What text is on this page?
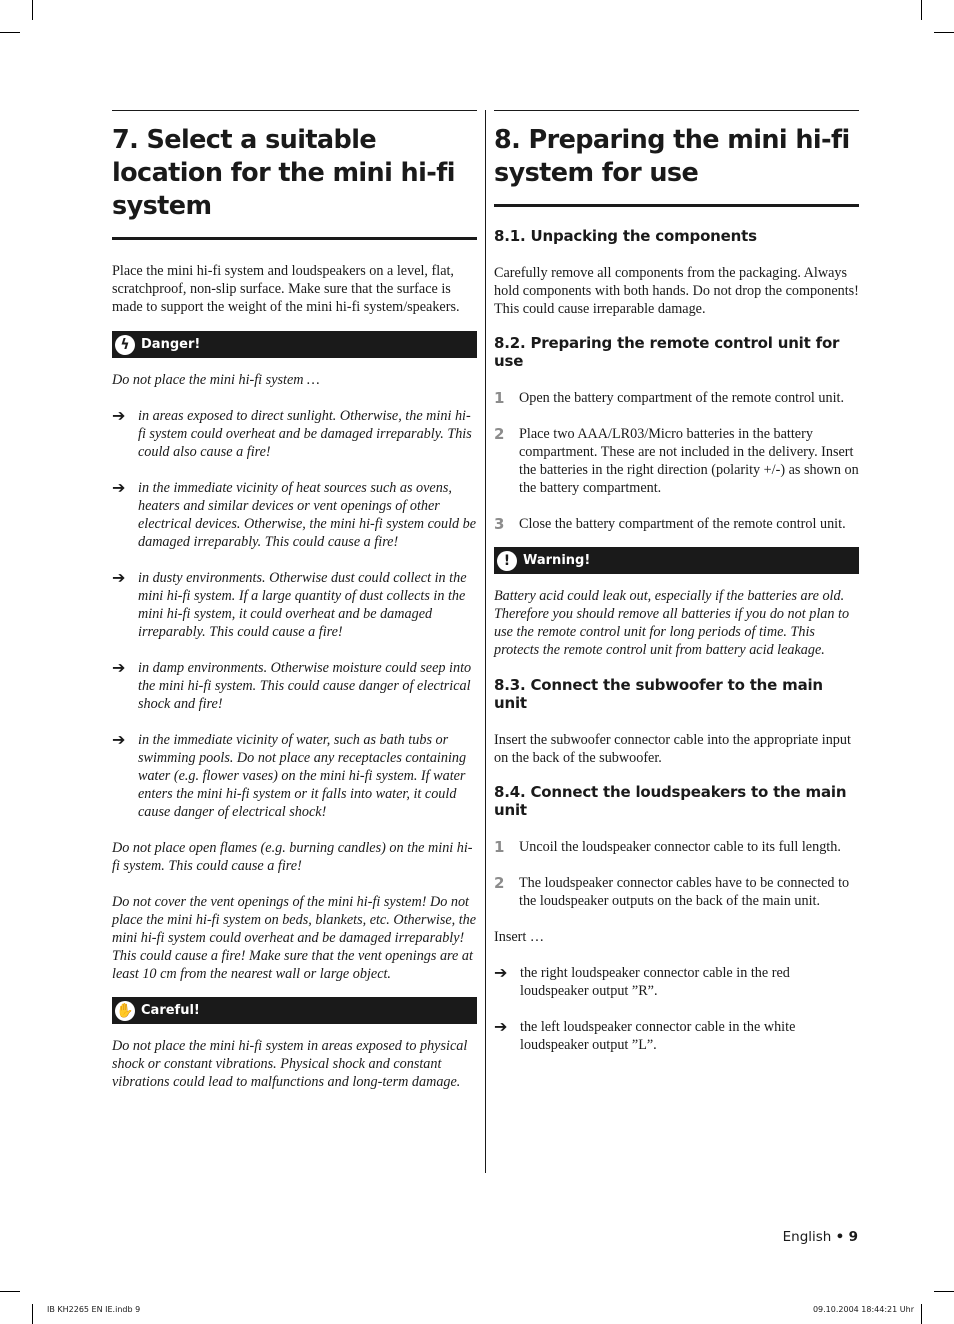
7. Select a suitable location for the mini hi-fi system

Place the mini hi-fi system and loudspeakers on a level, flat, scratchproof, non-slip surface. Make sure that the surface is made to support the weight of the mini hi-fi system/speakers.

ϟ Danger!

Do not place the mini hi-fi system …

➔ in areas exposed to direct sunlight. Otherwise, the mini hi-fi system could overheat and be damaged irreparably. This could also cause a fire!
➔ in the immediate vicinity of heat sources such as ovens, heaters and similar devices or vent openings of other electrical devices. Otherwise, the mini hi-fi system could be damaged irreparably. This could cause a fire!
➔ in dusty environments. Otherwise dust could collect in the mini hi-fi system. If a large quantity of dust collects in the mini hi-fi system, it could overheat and be damaged irreparably. This could cause a fire!
➔ in damp environments. Otherwise moisture could seep into the mini hi-fi system. This could cause danger of electrical shock and fire!
➔ in the immediate vicinity of water, such as bath tubs or swimming pools. Do not place any receptacles containing water (e.g. flower vases) on the mini hi-fi system. If water enters the mini hi-fi system or it falls into water, it could cause danger of electrical shock!

Do not place open flames (e.g. burning candles) on the mini hi-fi system. This could cause a fire!

Do not cover the vent openings of the mini hi-fi system! Do not place the mini hi-fi system on beds, blankets, etc. Otherwise, the mini hi-fi system could overheat and be damaged irreparably! This could cause a fire! Make sure that the vent openings are at least 10 cm from the nearest wall or large object.

✋ Careful!

Do not place the mini hi-fi system in areas exposed to physical shock or constant vibrations. Physical shock and constant vibrations could lead to malfunctions and long-term damage.

8. Preparing the mini hi-fi system for use
8.1. Unpacking the components

Carefully remove all components from the packaging. Always hold components with both hands. Do not drop the components! This could cause irreparable damage.

8.2. Preparing the remote control unit for use
1	Open the battery compartment of the remote control unit.
2	Place two AAA/LR03/Micro batteries in the battery compartment. These are not included in the delivery. Insert the batteries in the right direction (polarity +/-) as shown on the battery compartment.
3	Close the battery compartment of the remote control unit.
! Warning!

Battery acid could leak out, especially if the batteries are old. Therefore you should remove all batteries if you do not plan to use the remote control unit for long periods of time. This protects the remote control unit from battery acid leakage.

8.3. Connect the subwoofer to the main unit

Insert the subwoofer connector cable into the appropriate input on the back of the subwoofer.

8.4. Connect the loudspeakers to the main unit
1	Uncoil the loudspeaker connector cable to its full length.
2	The loudspeaker connector cables have to be connected to the loudspeaker outputs on the back of the main unit.

Insert …

➔ the right loudspeaker connector cable in the red loudspeaker output ”R”.
➔ the left loudspeaker connector cable in the white loudspeaker output ”L”.
English • 9
IB KH2265 EN IE.indb 9	09.10.2004 18:44:21 Uhr
